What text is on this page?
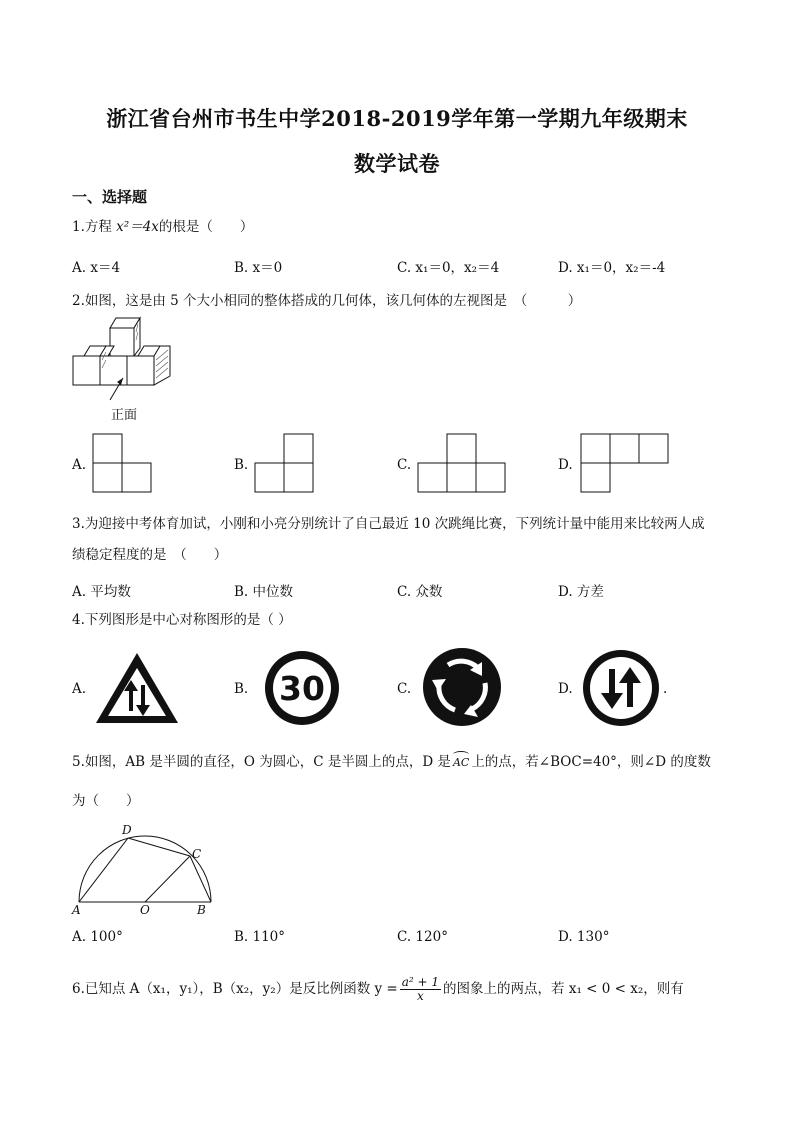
浙江省台州市书生中学2018-2019学年第一学期九年级期末
数学试卷
一、选择题
1.方程 x²＝4x的根是（　　）
A. x＝4	B. x＝0	C. x₁＝0，x₂＝4	D. x₁＝0，x₂＝-4
2.如图，这是由 5 个大小相同的整体搭成的几何体，该几何体的左视图是　（　　　）
正面
A.	B.	C.	D.
3.为迎接中考体育加试，小刚和小亮分别统计了自己最近 10 次跳绳比赛，下列统计量中能用来比较两人成
绩稳定程度的是　（　　）
A. 平均数	B. 中位数	C. 众数	D. 方差
4.下列图形是中心对称图形的是（ ）
A.	B. 30	C.	D.	.
5.如图，AB 是半圆的直径，O 为圆心，C 是半圆上的点，D 是 AC 上的点，若∠BOC=40°，则∠D 的度数
为（　　）
D
C
A	O	B
A. 100°	B. 110°	C. 120°	D. 130°
6.已知点 A（x₁，y₁），B（x₂，y₂）是反比例函数 $y = \frac{\text{a² + 1}}{x}$ 的图象上的两点，若 x₁ < 0 < x₂，则有
